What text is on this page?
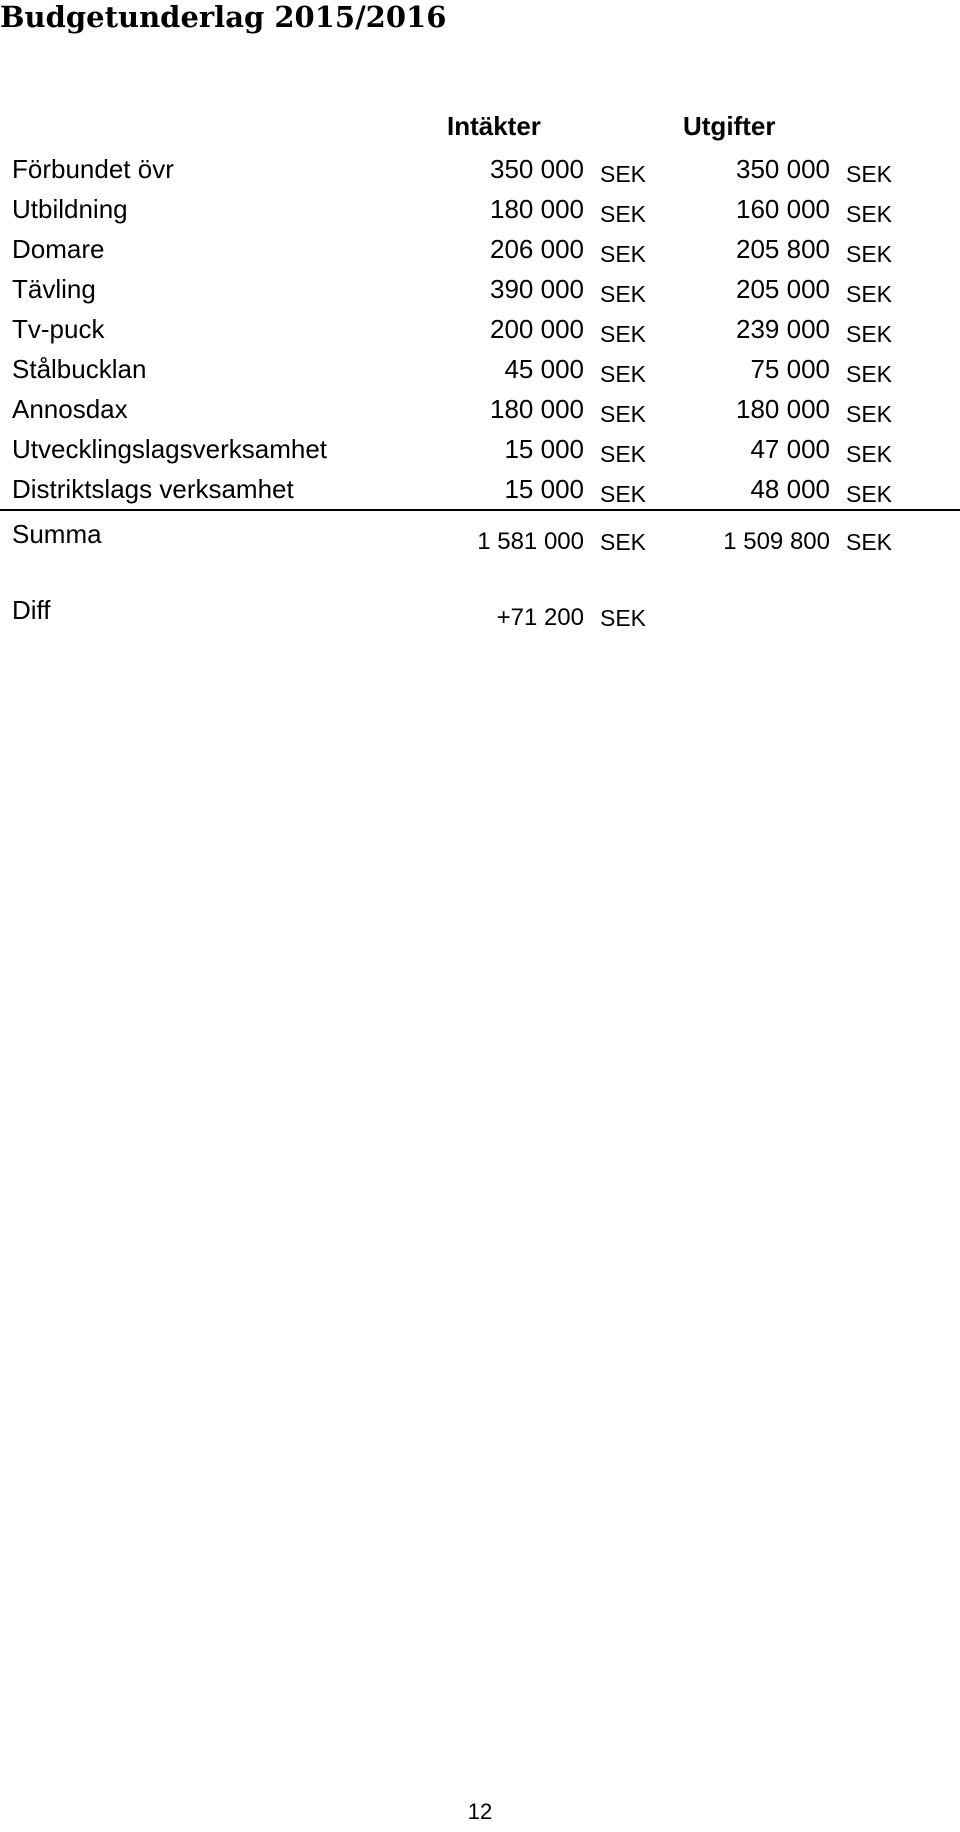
Budgetunderlag 2015/2016
Intäkter	Utgifter
Förbundet övr	350 000 SEK	350 000 SEK
Utbildning	180 000 SEK	160 000 SEK
Domare	206 000 SEK	205 800 SEK
Tävling	390 000 SEK	205 000 SEK
Tv-puck	200 000 SEK	239 000 SEK
Stålbucklan	45 000 SEK	75 000 SEK
Annosdax	180 000 SEK	180 000 SEK
Utvecklingslagsverksamhet	15 000 SEK	47 000 SEK
Distriktslags verksamhet	15 000 SEK	48 000 SEK
Summa	1 581 000 SEK	1 509 800 SEK
Diff	+71 200 SEK
12
